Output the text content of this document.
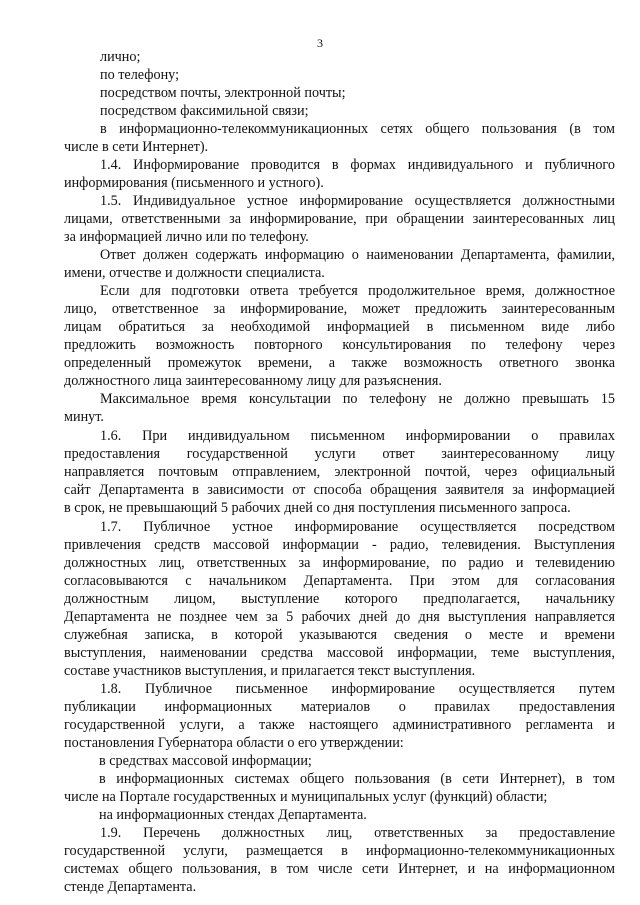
3
лично;
по телефону;
посредством почты, электронной почты;
посредством факсимильной связи;
в информационно-телекоммуникационных сетях общего пользования (в том
числе в сети Интернет).
1.4. Информирование проводится в формах индивидуального и публичного
информирования (письменного и устного).
1.5. Индивидуальное устное информирование осуществляется должностными
лицами, ответственными за информирование, при обращении заинтересованных лиц
за информацией лично или по телефону.
Ответ должен содержать информацию о наименовании Департамента, фамилии,
имени, отчестве и должности специалиста.
Если для подготовки ответа требуется продолжительное время, должностное
лицо, ответственное за информирование, может предложить заинтересованным
лицам обратиться за необходимой информацией в письменном виде либо
предложить возможность повторного консультирования по телефону через
определенный промежуток времени, а также возможность ответного звонка
должностного лица заинтересованному лицу для разъяснения.
Максимальное время консультации по телефону не должно превышать 15
минут.
1.6. При индивидуальном письменном информировании о правилах
предоставления государственной услуги ответ заинтересованному лицу
направляется почтовым отправлением, электронной почтой, через официальный
сайт Департамента в зависимости от способа обращения заявителя за информацией
в срок, не превышающий 5 рабочих дней со дня поступления письменного запроса.
1.7. Публичное устное информирование осуществляется посредством
привлечения средств массовой информации - радио, телевидения. Выступления
должностных лиц, ответственных за информирование, по радио и телевидению
согласовываются с начальником Департамента. При этом для согласования
должностным лицом, выступление которого предполагается, начальнику
Департамента не позднее чем за 5 рабочих дней до дня выступления направляется
служебная записка, в которой указываются сведения о месте и времени
выступления, наименовании средства массовой информации, теме выступления,
составе участников выступления, и прилагается текст выступления.
1.8. Публичное письменное информирование осуществляется путем
публикации информационных материалов о правилах предоставления
государственной услуги, а также настоящего административного регламента и
постановления Губернатора области о его утверждении:
в средствах массовой информации;
в информационных системах общего пользования (в сети Интернет), в том
числе на Портале государственных и муниципальных услуг (функций) области;
на информационных стендах Департамента.
1.9. Перечень должностных лиц, ответственных за предоставление
государственной услуги, размещается в информационно-телекоммуникационных
системах общего пользования, в том числе сети Интернет, и на информационном
стенде Департамента.
